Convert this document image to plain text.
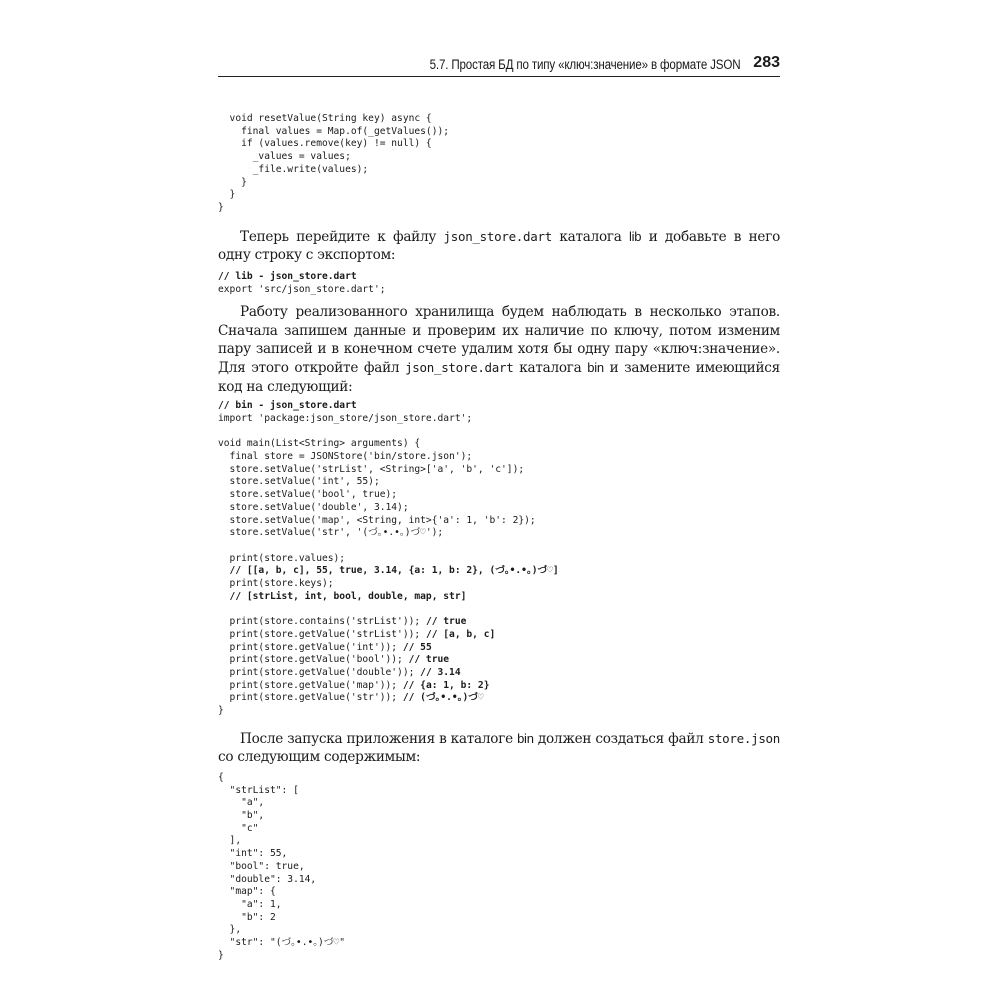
5.7. Простая БД по типу «ключ:значение» в формате JSON 283
void resetValue(String key) async {
final values = Map.of(_getValues());
if (values.remove(key) != null) {
_values = values;
_file.write(values);
}
}
}

Теперь перейдите к файлу json_store.dart каталога lib и добавьте в него одну строку с экспортом:

// lib - json_store.dart
export 'src/json_store.dart';

Работу реализованного хранилища будем наблюдать в несколько этапов. Сначала запишем данные и проверим их наличие по ключу, потом изменим пару записей и в конечном счете удалим хотя бы одну пару «ключ:значение». Для этого откройте файл json_store.dart каталога bin и замените имеющийся код на следующий:

// bin - json_store.dart
import 'package:json_store/json_store.dart';

void main(List<String> arguments) {
final store = JSONStore('bin/store.json');
store.setValue('strList', <String>['a', 'b', 'c']);
store.setValue('int', 55);
store.setValue('bool', true);
store.setValue('double', 3.14);
store.setValue('map', <String, int>{'a': 1, 'b': 2});
store.setValue('str', '(づ｡•.•｡)づ♡');

print(store.values);
// [[a, b, c], 55, true, 3.14, {a: 1, b: 2}, (づ｡•.•｡)づ♡]
print(store.keys);
// [strList, int, bool, double, map, str]

print(store.contains('strList')); // true
print(store.getValue('strList')); // [a, b, c]
print(store.getValue('int')); // 55
print(store.getValue('bool')); // true
print(store.getValue('double')); // 3.14
print(store.getValue('map')); // {a: 1, b: 2}
print(store.getValue('str')); // (づ｡•.•｡)づ♡
}

После запуска приложения в каталоге bin должен создаться файл store.json со следующим содержимым:

{
"strList": [
"a",
"b",
"c"
],
"int": 55,
"bool": true,
"double": 3.14,
"map": {
"a": 1,
"b": 2
},
"str": "(づ｡•.•｡)づ♡"
}
